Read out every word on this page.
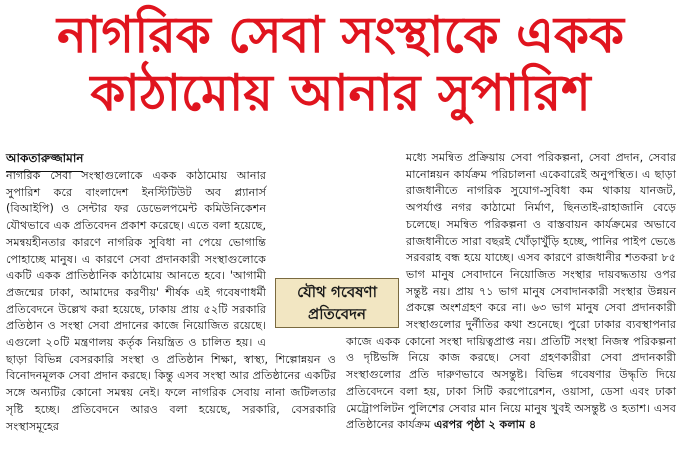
নাগরিক সেবা সংস্থাকে একক
কাঠামোয় আনার সুপারিশ
আকতারুজ্জামান

নাগরিক সেবা সংস্থাগুলোকে একক কাঠামোয় আনার সুপারিশ করে বাংলাদেশ ইনস্টিটিউট অব প্ল্যানার্স (বিআইপি) ও সেন্টার ফর ডেভেলপমেন্ট কমিউনিকেশন যৌথভাবে এক প্রতিবেদন প্রকাশ করেছে। এতে বলা হয়েছে, সমন্বয়হীনতার কারণে নাগরিক সুবিধা না পেয়ে ভোগান্তি পোহাচ্ছে মানুষ। এ কারণে সেবা প্রদানকারী সংস্থাগুলোকে একটি একক প্রাতিষ্ঠানিক কাঠামোয় আনতে হবে। 'আগামী প্রজন্মের ঢাকা, আমাদের করণীয়' শীর্ষক এই গবেষণাধর্মী প্রতিবেদনে উল্লেখ করা হয়েছে, ঢাকায় প্রায় ৫২টি সরকারি প্রতিষ্ঠান ও সংস্থা সেবা প্রদানের কাজে নিয়োজিত রয়েছে। এগুলো ২০টি মন্ত্রণালয় কর্তৃক নিয়ন্ত্রিত ও চালিত হয়। এ ছাড়া বিভিন্ন বেসরকারি সংস্থা ও প্রতিষ্ঠান শিক্ষা, স্বাস্থ্য, শিল্পোন্নয়ন ও বিনোদনমূলক সেবা প্রদান করছে। কিন্তু এসব সংস্থা আর প্রতিষ্ঠানের একটির সঙ্গে অন্যটির কোনো সমন্বয় নেই। ফলে নাগরিক সেবায় নানা জটিলতার সৃষ্টি হচ্ছে। প্রতিবেদনে আরও বলা হয়েছে, সরকারি, বেসরকারি সংস্থাসমূহের

যৌথ গবেষণা
প্রতিবেদন

মধ্যে সমন্বিত প্রক্রিয়ায় সেবা পরিকল্পনা, সেবা প্রদান, সেবার মানোন্নয়ন কার্যক্রম পরিচালনা একেবারেই অনুপস্থিত। এ ছাড়া রাজধানীতে নাগরিক সুযোগ-সুবিধা কম থাকায় যানজট, অপর্যাপ্ত নগর কাঠামো নির্মাণ, ছিনতাই-রাহাজানি বেড়ে চলেছে। সমন্বিত পরিকল্পনা ও বাস্তবায়ন কার্যক্রমের অভাবে রাজধানীতে সারা বছরই খোঁড়াখুঁড়ি হচ্ছে, পানির পাইপ ভেঙে সরবরাহ বন্ধ হয়ে যাচ্ছে। এসব কারণে রাজধানীর শতকরা ৮৫ ভাগ মানুষ সেবাদানে নিয়োজিত সংস্থার দায়বদ্ধতায় ওপর সন্তুষ্ট নয়। প্রায় ৭১ ভাগ মানুষ সেবাদানকারী সংস্থার উন্নয়ন প্রকল্পে অংশগ্রহণ করে না। ৬৩ ভাগ মানুষ সেবা প্রদানকারী সংস্থাগুলোর দুর্নীতির কথা শুনেছে। পুরো ঢাকার ব্যবস্থাপনার কাজে একক কোনো সংস্থা দায়িত্বপ্রাপ্ত নয়। প্রতিটি সংস্থা নিজস্ব পরিকল্পনা ও দৃষ্টিভঙ্গি নিয়ে কাজ করছে। সেবা গ্রহণকারীরা সেবা প্রদানকারী সংস্থাগুলোর প্রতি দারুণভাবে অসন্তুষ্ট। বিভিন্ন গবেষণার উদ্ধৃতি দিয়ে প্রতিবেদনে বলা হয়, ঢাকা সিটি করপোরেশন, ওয়াসা, ডেসা এবং ঢাকা মেট্রোপলিটন পুলিশের সেবার মান নিয়ে মানুষ খুবই অসন্তুষ্ট ও হতাশ। এসব প্রতিষ্ঠানের কার্যক্রম এরপর পৃষ্ঠা ২ কলাম ৪
